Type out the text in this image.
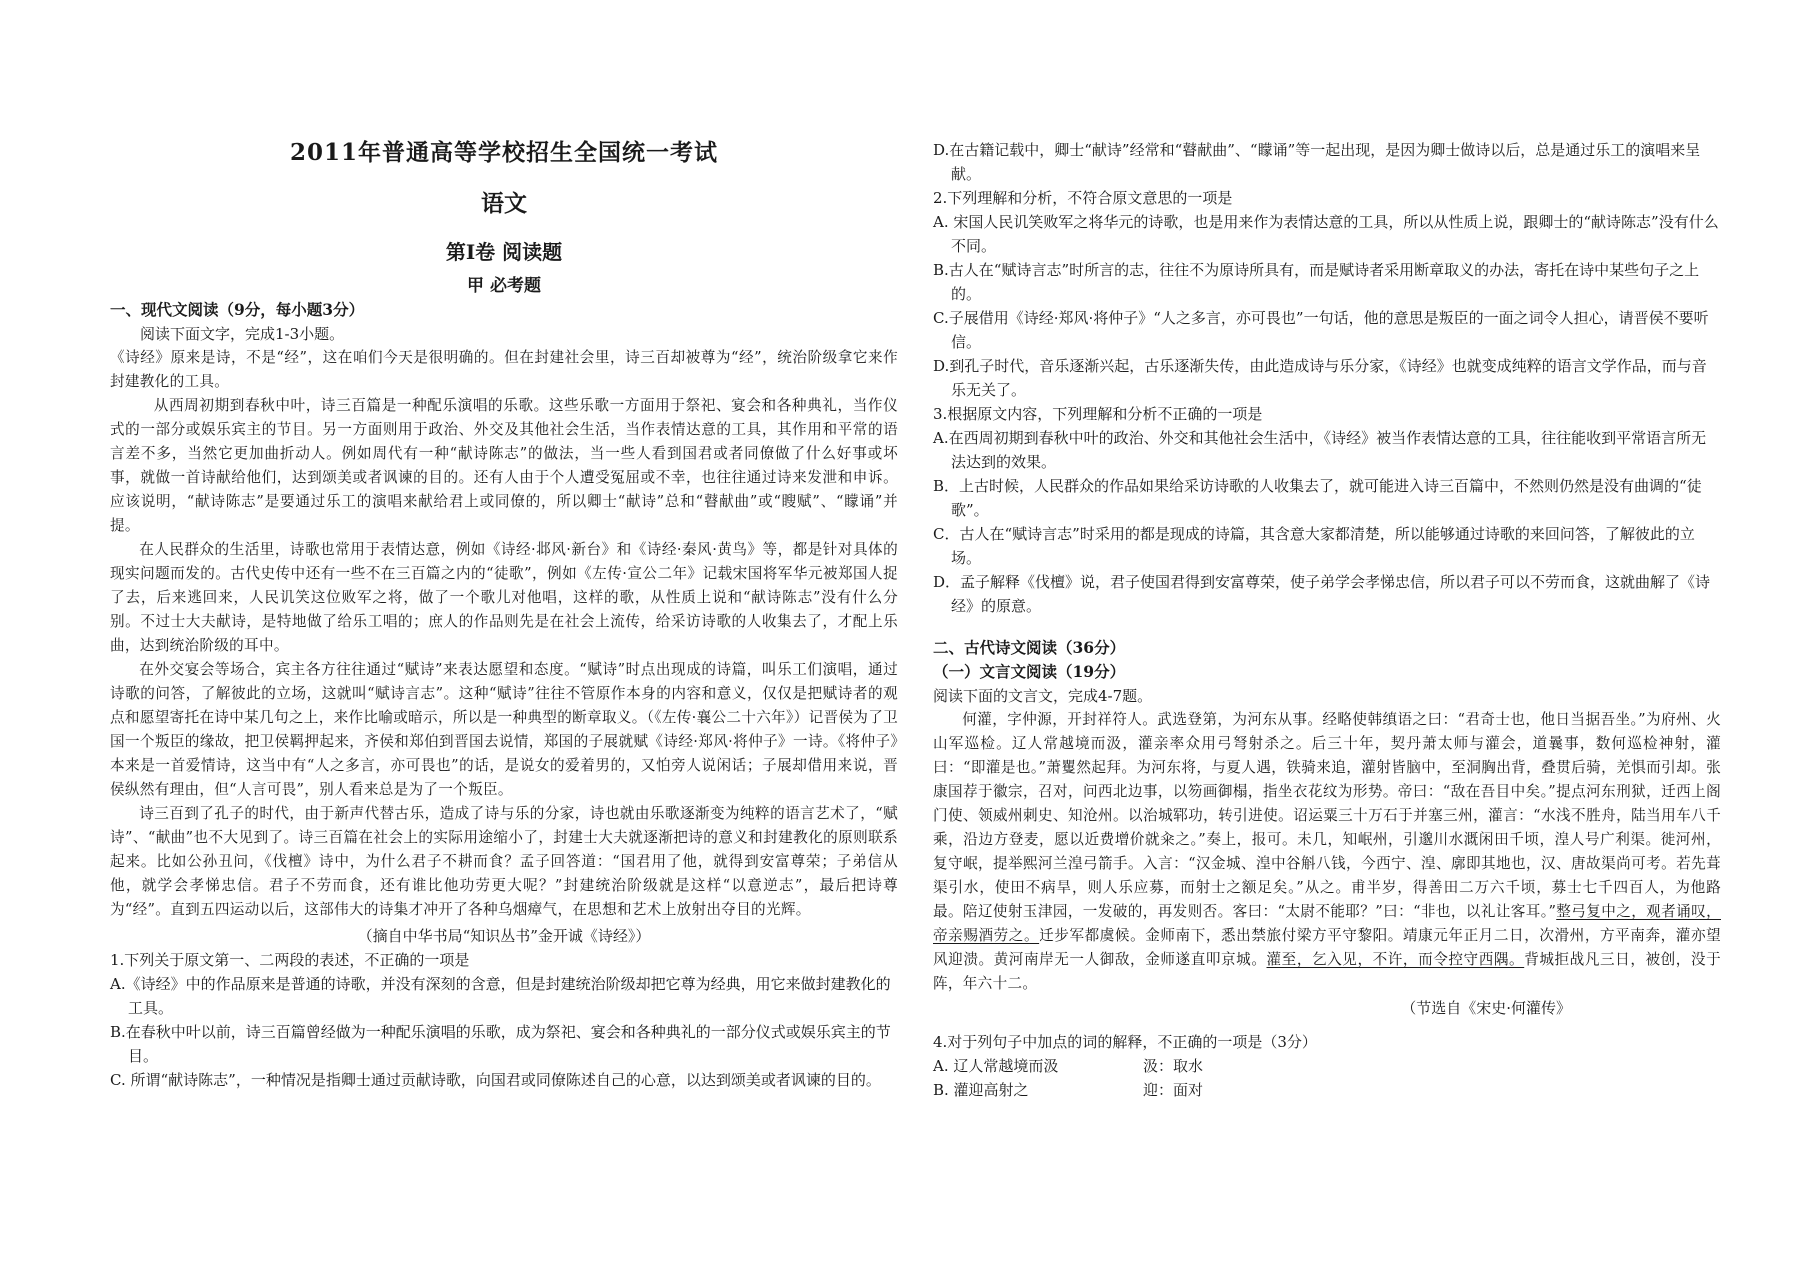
2011年普通高等学校招生全国统一考试

语文

第Ⅰ卷 阅读题

甲 必考题

一、现代文阅读（9分，每小题3分）

阅读下面文字，完成1-3小题。

《诗经》原来是诗，不是“经”，这在咱们今天是很明确的。但在封建社会里，诗三百却被尊为“经”，统治阶级拿它来作封建教化的工具。

从西周初期到春秋中叶，诗三百篇是一种配乐演唱的乐歌。这些乐歌一方面用于祭祀、宴会和各种典礼，当作仪式的一部分或娱乐宾主的节目。另一方面则用于政治、外交及其他社会生活，当作表情达意的工具，其作用和平常的语言差不多，当然它更加曲折动人。例如周代有一种“献诗陈志”的做法，当一些人看到国君或者同僚做了什么好事或坏事，就做一首诗献给他们，达到颂美或者讽谏的目的。还有人由于个人遭受冤屈或不幸，也往往通过诗来发泄和申诉。应该说明，“献诗陈志”是要通过乐工的演唱来献给君上或同僚的，所以卿士“献诗”总和“瞽献曲”或“瞍赋”、“矇诵”并提。

在人民群众的生活里，诗歌也常用于表情达意，例如《诗经·邶风·新台》和《诗经·秦风·黄鸟》等，都是针对具体的现实问题而发的。古代史传中还有一些不在三百篇之内的“徒歌”，例如《左传·宣公二年》记载宋国将军华元被郑国人捉了去，后来逃回来，人民讥笑这位败军之将，做了一个歌儿对他唱，这样的歌，从性质上说和“献诗陈志”没有什么分别。不过士大夫献诗，是特地做了给乐工唱的；庶人的作品则先是在社会上流传，给采访诗歌的人收集去了，才配上乐曲，达到统治阶级的耳中。

在外交宴会等场合，宾主各方往往通过“赋诗”来表达愿望和态度。“赋诗”时点出现成的诗篇，叫乐工们演唱，通过诗歌的问答，了解彼此的立场，这就叫“赋诗言志”。这种“赋诗”往往不管原作本身的内容和意义，仅仅是把赋诗者的观点和愿望寄托在诗中某几句之上，来作比喻或暗示，所以是一种典型的断章取义。（《左传·襄公二十六年》）记晋侯为了卫国一个叛臣的缘故，把卫侯羁押起来，齐侯和郑伯到晋国去说情，郑国的子展就赋《诗经·郑风·将仲子》一诗。《将仲子》本来是一首爱情诗，这当中有“人之多言，亦可畏也”的话，是说女的爱着男的，又怕旁人说闲话；子展却借用来说，晋侯纵然有理由，但“人言可畏”，别人看来总是为了一个叛臣。

诗三百到了孔子的时代，由于新声代替古乐，造成了诗与乐的分家，诗也就由乐歌逐渐变为纯粹的语言艺术了，“赋诗”、“献曲”也不大见到了。诗三百篇在社会上的实际用途缩小了，封建士大夫就逐渐把诗的意义和封建教化的原则联系起来。比如公孙丑问，《伐檀》诗中，为什么君子不耕而食？孟子回答道：“国君用了他，就得到安富尊荣；子弟信从他，就学会孝悌忠信。君子不劳而食，还有谁比他功劳更大呢？”封建统治阶级就是这样“以意逆志”，最后把诗尊为“经”。直到五四运动以后，这部伟大的诗集才冲开了各种乌烟瘴气，在思想和艺术上放射出夺目的光辉。

（摘自中华书局“知识丛书”金开诚《诗经》）

1.下列关于原文第一、二两段的表述，不正确的一项是

A.《诗经》中的作品原来是普通的诗歌，并没有深刻的含意，但是封建统治阶级却把它尊为经典，用它来做封建教化的工具。

B.在春秋中叶以前，诗三百篇曾经做为一种配乐演唱的乐歌，成为祭祀、宴会和各种典礼的一部分仪式或娱乐宾主的节目。

C. 所谓“献诗陈志”，一种情况是指卿士通过贡献诗歌，向国君或同僚陈述自己的心意，以达到颂美或者讽谏的目的。

D.在古籍记载中，卿士“献诗”经常和“瞽献曲”、“矇诵”等一起出现，是因为卿士做诗以后，总是通过乐工的演唱来呈献。

2.下列理解和分析，不符合原文意思的一项是

A. 宋国人民讥笑败军之将华元的诗歌，也是用来作为表情达意的工具，所以从性质上说，跟卿士的“献诗陈志”没有什么不同。

B.古人在“赋诗言志”时所言的志，往往不为原诗所具有，而是赋诗者采用断章取义的办法，寄托在诗中某些句子之上的。

C.子展借用《诗经·郑风·将仲子》“人之多言，亦可畏也”一句话，他的意思是叛臣的一面之词令人担心，请晋侯不要听信。

D.到孔子时代，音乐逐渐兴起，古乐逐渐失传，由此造成诗与乐分家，《诗经》也就变成纯粹的语言文学作品，而与音乐无关了。

3.根据原文内容，下列理解和分析不正确的一项是

A.在西周初期到春秋中叶的政治、外交和其他社会生活中，《诗经》被当作表情达意的工具，往往能收到平常语言所无法达到的效果。

B．上古时候，人民群众的作品如果给采访诗歌的人收集去了，就可能进入诗三百篇中，不然则仍然是没有曲调的“徒歌”。

C．古人在“赋诗言志”时采用的都是现成的诗篇，其含意大家都清楚，所以能够通过诗歌的来回问答，了解彼此的立场。

D．孟子解释《伐檀》说，君子使国君得到安富尊荣，使子弟学会孝悌忠信，所以君子可以不劳而食，这就曲解了《诗经》的原意。

二、古代诗文阅读（36分）

（一）文言文阅读（19分）

阅读下面的文言文，完成4-7题。

何灌，字仲源，开封祥符人。武选登第，为河东从事。经略使韩缜语之曰：“君奇士也，他日当据吾坐。”为府州、火山军巡检。辽人常越境而汲，灌亲率众用弓弩射杀之。后三十年，契丹萧太师与灌会，道曩事，数何巡检神射，灌曰：“即灌是也。”萧矍然起拜。为河东将，与夏人遇，铁骑来追，灌射皆脑中，至洞胸出背，叠贯后骑，羌惧而引却。张康国荐于徽宗，召对，问西北边事，以笏画御榻，指坐衣花纹为形势。帝曰：“敌在吾目中矣。”提点河东刑狱，迁西上阁门使、领威州刺史、知沧州。以治城郓功，转引进使。诏运粟三十万石于并塞三州，灌言：“水浅不胜舟，陆当用车八千乘，沿边方登麦，愿以近费增价就籴之。”奏上，报可。未几，知岷州，引邈川水溉闲田千顷，湟人号广利渠。徙河州，复守岷，提举熙河兰湟弓箭手。入言：“汉金城、湟中谷斛八钱，今西宁、湟、廓即其地也，汉、唐故渠尚可考。若先葺渠引水，使田不病旱，则人乐应募，而射士之额足矣。”从之。甫半岁，得善田二万六千顷，募士七千四百人，为他路最。陪辽使射玉津园，一发破的，再发则否。客曰：“太尉不能耶？”曰：“非也，以礼让客耳。”整弓复中之，观者诵叹，帝亲赐酒劳之。迁步军都虞候。金师南下，悉出禁旅付梁方平守黎阳。靖康元年正月二日，次滑州，方平南奔，灌亦望风迎溃。黄河南岸无一人御敌，金师遂直叩京城。灌至，乞入见，不许，而令控守西隅。背城拒战凡三日，被创，没于阵，年六十二。

（节选自《宋史·何灌传》

4.对于列句子中加点的词的解释，不正确的一项是（3分）

A. 辽人常越境而汲	汲：取水
B. 灌迎高射之	迎：面对
